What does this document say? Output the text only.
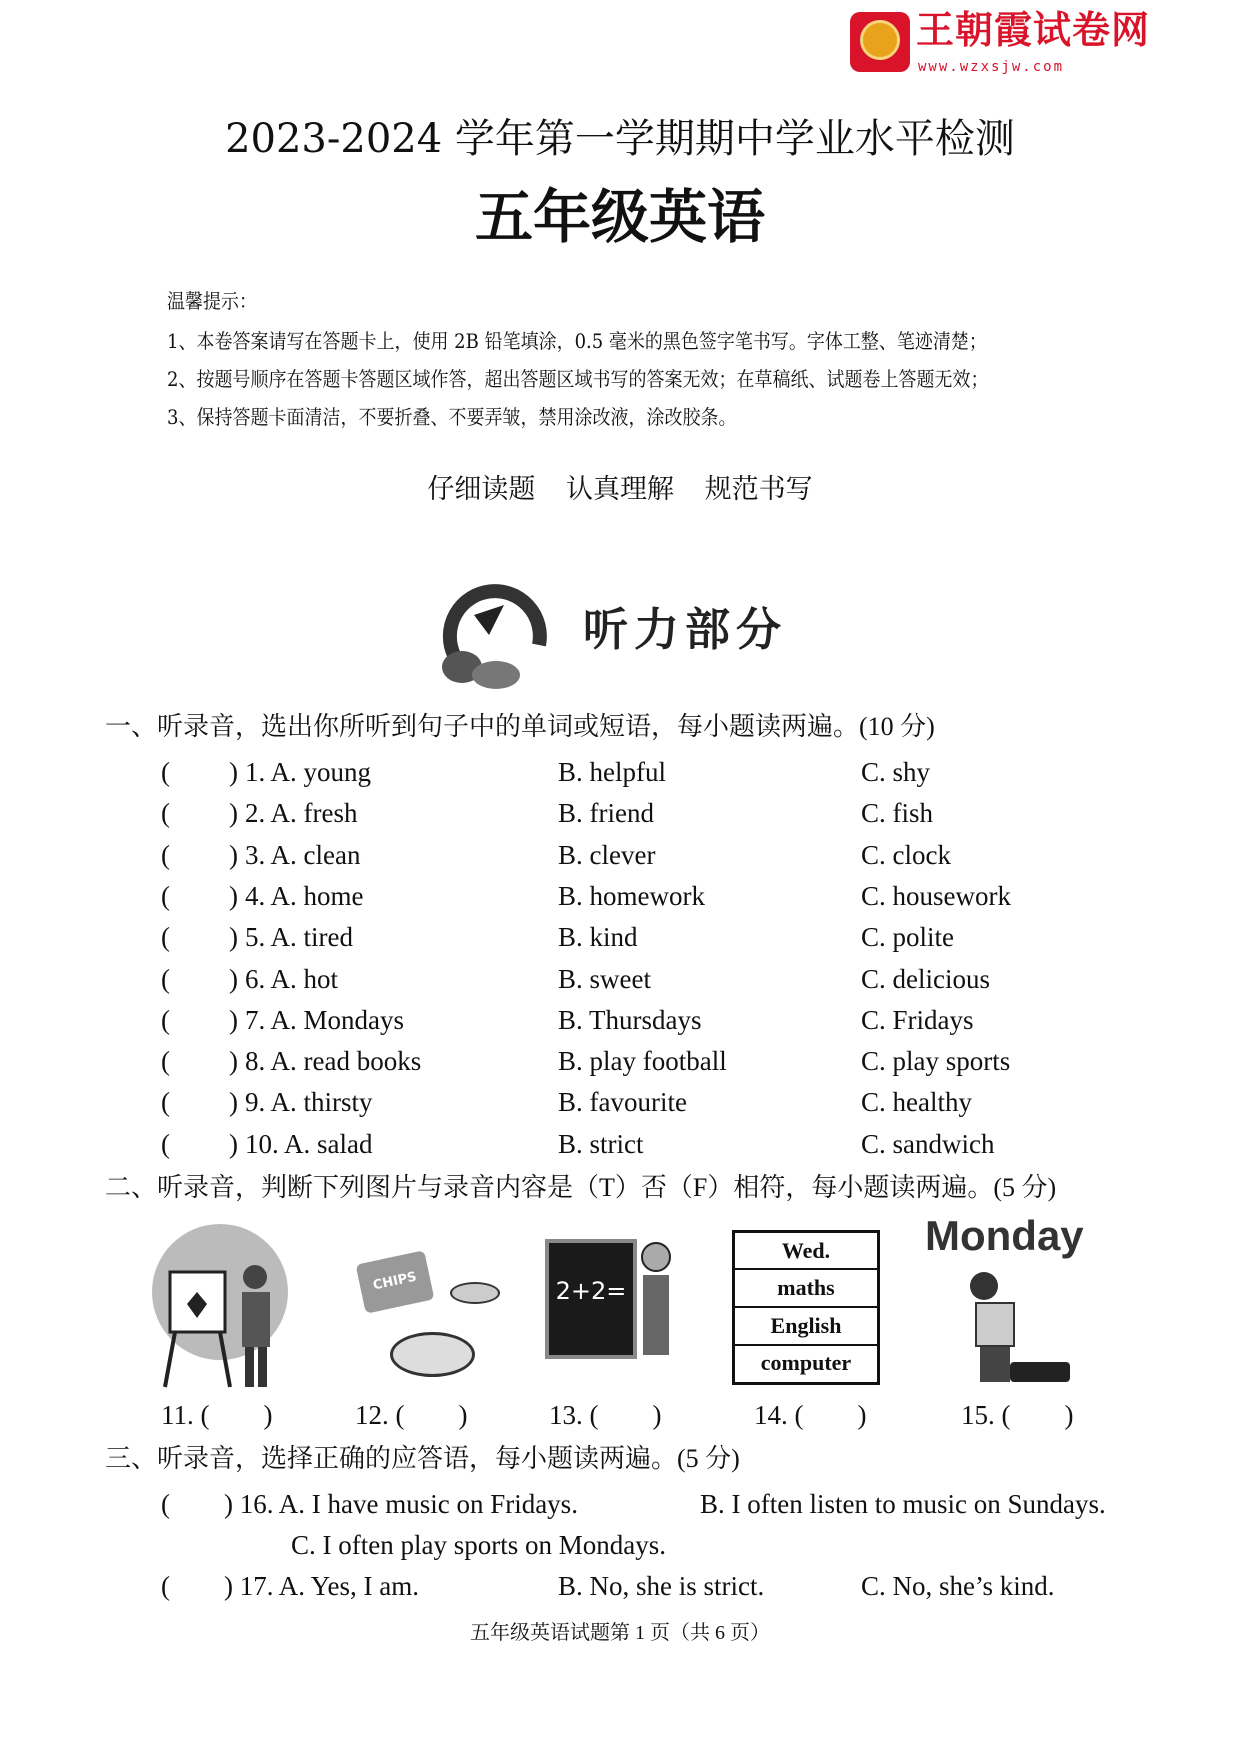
王朝霞试卷网
www.wzxsjw.com
2023-2024 学年第一学期期中学业水平检测
五年级英语
温馨提示：
1、本卷答案请写在答题卡上，使用 2B 铅笔填涂，0.5 毫米的黑色签字笔书写。字体工整、笔迹清楚；
2、按题号顺序在答题卡答题区域作答，超出答题区域书写的答案无效；在草稿纸、试题卷上答题无效；
3、保持答题卡面清洁，不要折叠、不要弄皱，禁用涂改液，涂改胶条。
仔细读题 认真理解 规范书写
听力部分
一、听录音，选出你所听到句子中的单词或短语，每小题读两遍。(10 分)
( ) 1. A. young	B. helpful	C. shy
( ) 2. A. fresh	B. friend	C. fish
( ) 3. A. clean	B. clever	C. clock
( ) 4. A. home	B. homework	C. housework
( ) 5. A. tired	B. kind	C. polite
( ) 6. A. hot	B. sweet	C. delicious
( ) 7. A. Mondays	B. Thursdays	C. Fridays
( ) 8. A. read books	B. play football	C. play sports
( ) 9. A. thirsty	B. favourite	C. healthy
( ) 10. A. salad	B. strict	C. sandwich
二、听录音，判断下列图片与录音内容是（T）否（F）相符，每小题读两遍。(5 分)
CHIPS	2+2=
Wed.
maths
English
computer
Monday
11. (        )	12. (        )	13. (        )	14. (        )	15. (        )
三、听录音，选择正确的应答语，每小题读两遍。(5 分)
(        ) 16. A. I have music on Fridays.	B. I often listen to music on Sundays.
C. I often play sports on Mondays.
(        ) 17. A. Yes, I am.	B. No, she is strict.	C. No, she’s kind.
五年级英语试题第 1 页（共 6 页）
